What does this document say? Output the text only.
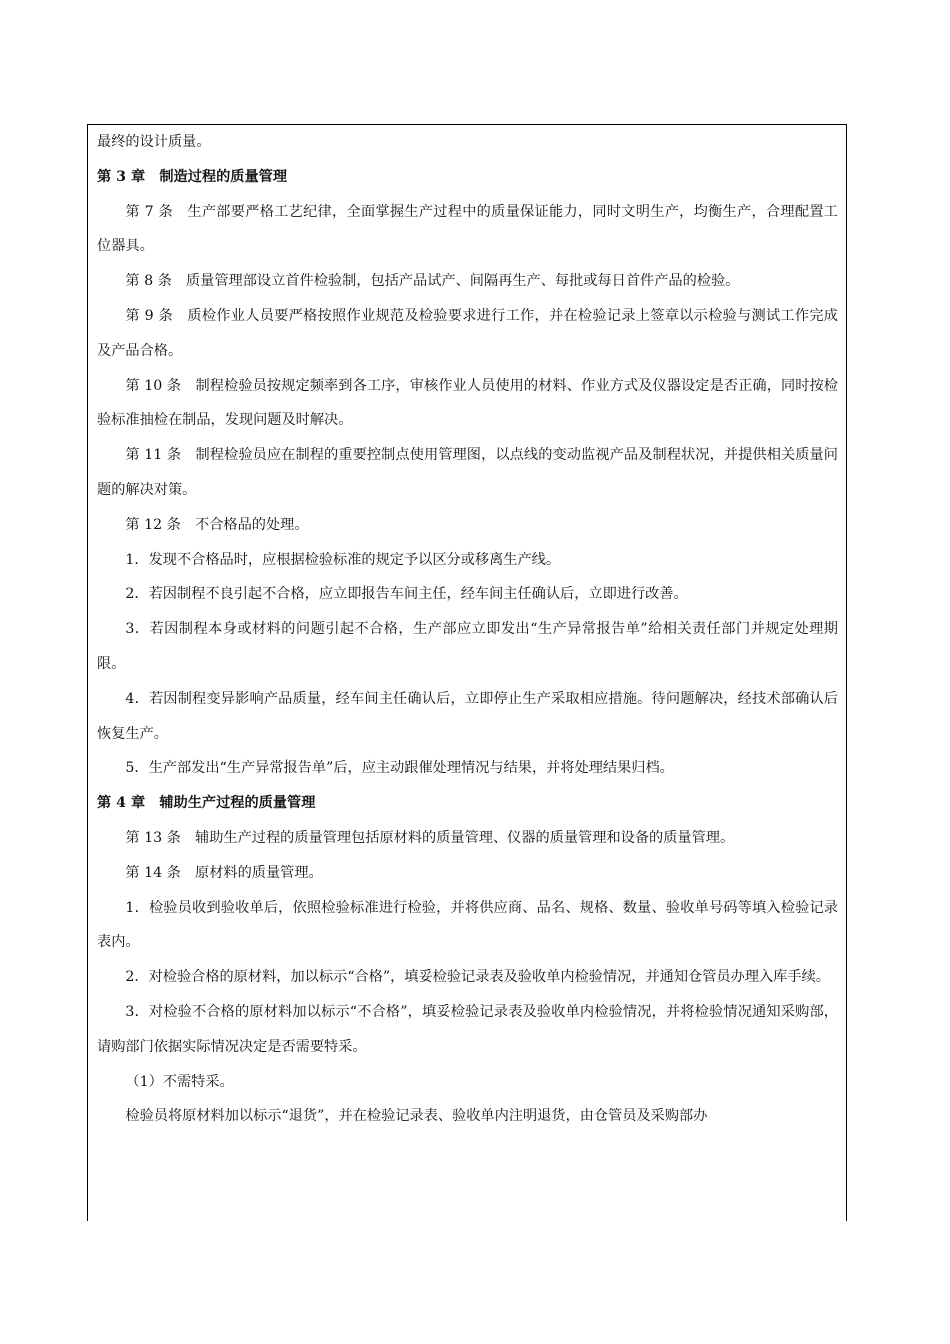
最终的设计质量。

第 3 章　制造过程的质量管理

第 7 条　生产部要严格工艺纪律，全面掌握生产过程中的质量保证能力，同时文明生产，均衡生产，合理配置工位器具。

第 8 条　质量管理部设立首件检验制，包括产品试产、间隔再生产、每批或每日首件产品的检验。

第 9 条　质检作业人员要严格按照作业规范及检验要求进行工作，并在检验记录上签章以示检验与测试工作完成及产品合格。

第 10 条　制程检验员按规定频率到各工序，审核作业人员使用的材料、作业方式及仪器设定是否正确，同时按检验标准抽检在制品，发现问题及时解决。

第 11 条　制程检验员应在制程的重要控制点使用管理图，以点线的变动监视产品及制程状况，并提供相关质量问题的解决对策。

第 12 条　不合格品的处理。

1．发现不合格品时，应根据检验标准的规定予以区分或移离生产线。

2．若因制程不良引起不合格，应立即报告车间主任，经车间主任确认后，立即进行改善。

3．若因制程本身或材料的问题引起不合格，生产部应立即发出“生产异常报告单”给相关责任部门并规定处理期限。

4．若因制程变异影响产品质量，经车间主任确认后，立即停止生产采取相应措施。待问题解决，经技术部确认后恢复生产。

5．生产部发出“生产异常报告单”后，应主动跟催处理情况与结果，并将处理结果归档。

第 4 章　辅助生产过程的质量管理

第 13 条　辅助生产过程的质量管理包括原材料的质量管理、仪器的质量管理和设备的质量管理。

第 14 条　原材料的质量管理。

1．检验员收到验收单后，依照检验标准进行检验，并将供应商、品名、规格、数量、验收单号码等填入检验记录表内。

2．对检验合格的原材料，加以标示“合格”，填妥检验记录表及验收单内检验情况，并通知仓管员办理入库手续。

3．对检验不合格的原材料加以标示“不合格”，填妥检验记录表及验收单内检验情况，并将检验情况通知采购部，请购部门依据实际情况决定是否需要特采。

（1）不需特采。

检验员将原材料加以标示“退货”，并在检验记录表、验收单内注明退货，由仓管员及采购部办
